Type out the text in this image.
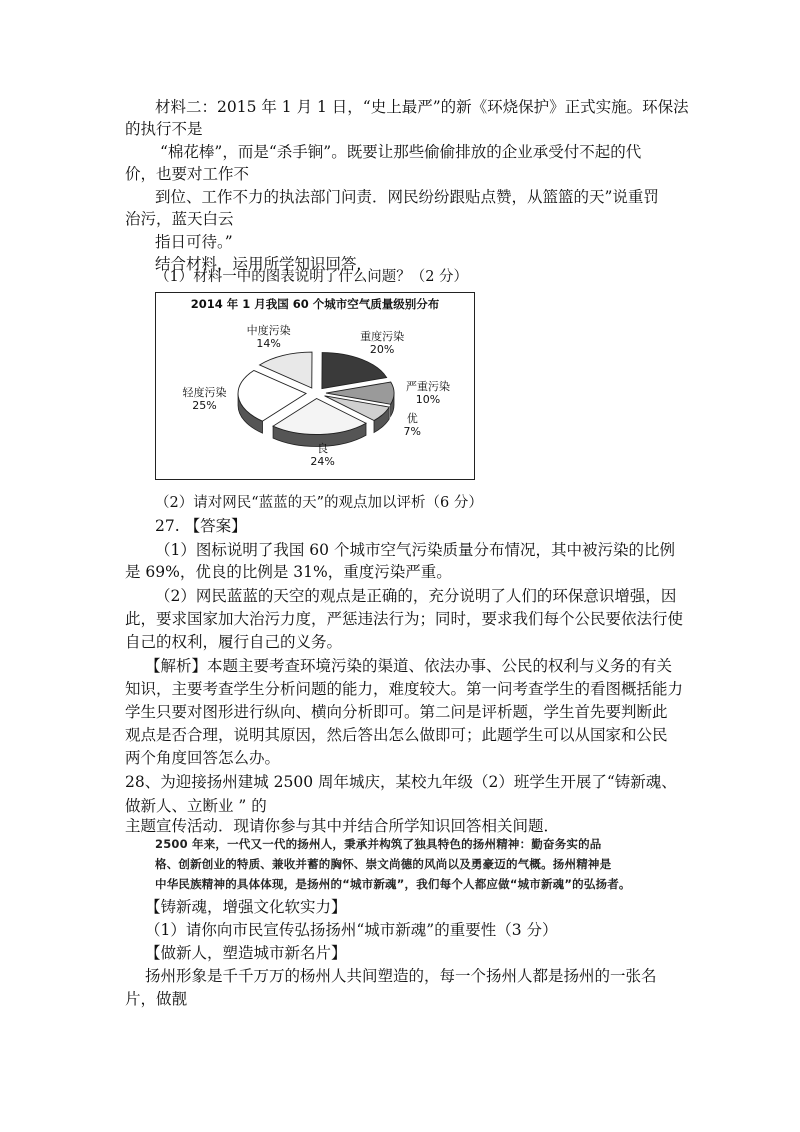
材料二：2015 年 1 月 1 日，“史上最严”的新《环烧保护》正式实施。环保法
的执行不是
“棉花棒”，而是“杀手锏”。既要让那些偷偷排放的企业承受付不起的代
价，也要对工作不
到位、工作不力的执法部门问责．网民纷纷跟贴点赞，从篮篮的天”说重罚
治污，蓝天白云
指日可待。”
结合材料，运用所学知识回答．
（1）材料一中的图表说明了什么问题？（2 分）
2014 年 1 月我国 60 个城市空气质量级别分布
中度污染
14%
重度污染
20%
严重污染
10%
优
7%
良
24%
轻度污染
25%
（2）请对网民“蓝蓝的天”的观点加以评析（6 分）
27. 【答案】
（1）图标说明了我国 60 个城市空气污染质量分布情况，其中被污染的比例
是 69%，优良的比例是 31%，重度污染严重。
（2）网民蓝蓝的天空的观点是正确的，充分说明了人们的环保意识增强，因
此，要求国家加大治污力度，严惩违法行为；同时，要求我们每个公民要依法行使
自己的权利，履行自己的义务。
【解析】本题主要考查环境污染的渠道、依法办事、公民的权利与义务的有关
知识，主要考查学生分析问题的能力，难度较大。第一问考查学生的看图概括能力
学生只要对图形进行纵向、横向分析即可。第二问是评析题，学生首先要判断此
观点是否合理，说明其原因，然后答出怎么做即可；此题学生可以从国家和公民
两个角度回答怎么办。
28、为迎接扬州建城 2500 周年城庆，某校九年级（2）班学生开展了“铸新魂、
做新人、立断业 ” 的
主题宣传活动．现请你参与其中并结合所学知识回答相关间题．
2500 年来，一代又一代的扬州人，秉承并构筑了独具特色的扬州精神：勤奋务实的品
格、创新创业的特质、兼收并蓄的胸怀、崇文尚德的风尚以及勇豪迈的气概。扬州精神是
中华民族精神的具体体现，是扬州的“城市新魂”，我们每个人都应做“城市新魂”的弘扬者。
【铸新魂，增强文化软实力】
（1）请你向市民宣传弘扬扬州“城市新魂”的重要性（3 分）
【做新人，塑造城市新名片】
扬州形象是千千万万的杨州人共间塑造的，每一个扬州人都是扬州的一张名
片，做靓
